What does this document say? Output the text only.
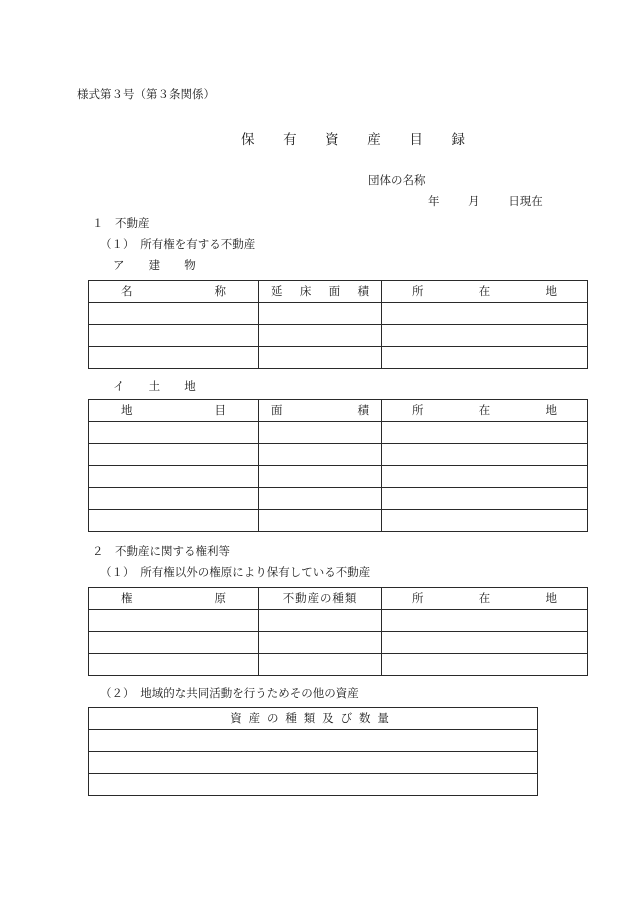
様式第３号（第３条関係）
保 有 資 産 目 録
団体の名称
年 月 日現在
１　不動産
（１）　所有権を有する不動産
ア　建　物
名 称	延 床 面 積	所 在 地

イ　土　地
地 目	面 積	所 在 地

２　不動産に関する権利等
（１）　所有権以外の権原により保有している不動産
権 原	不動産の種類	所 在 地

（２）　地域的な共同活動を行うためその他の資産
資産の種類及び数量
